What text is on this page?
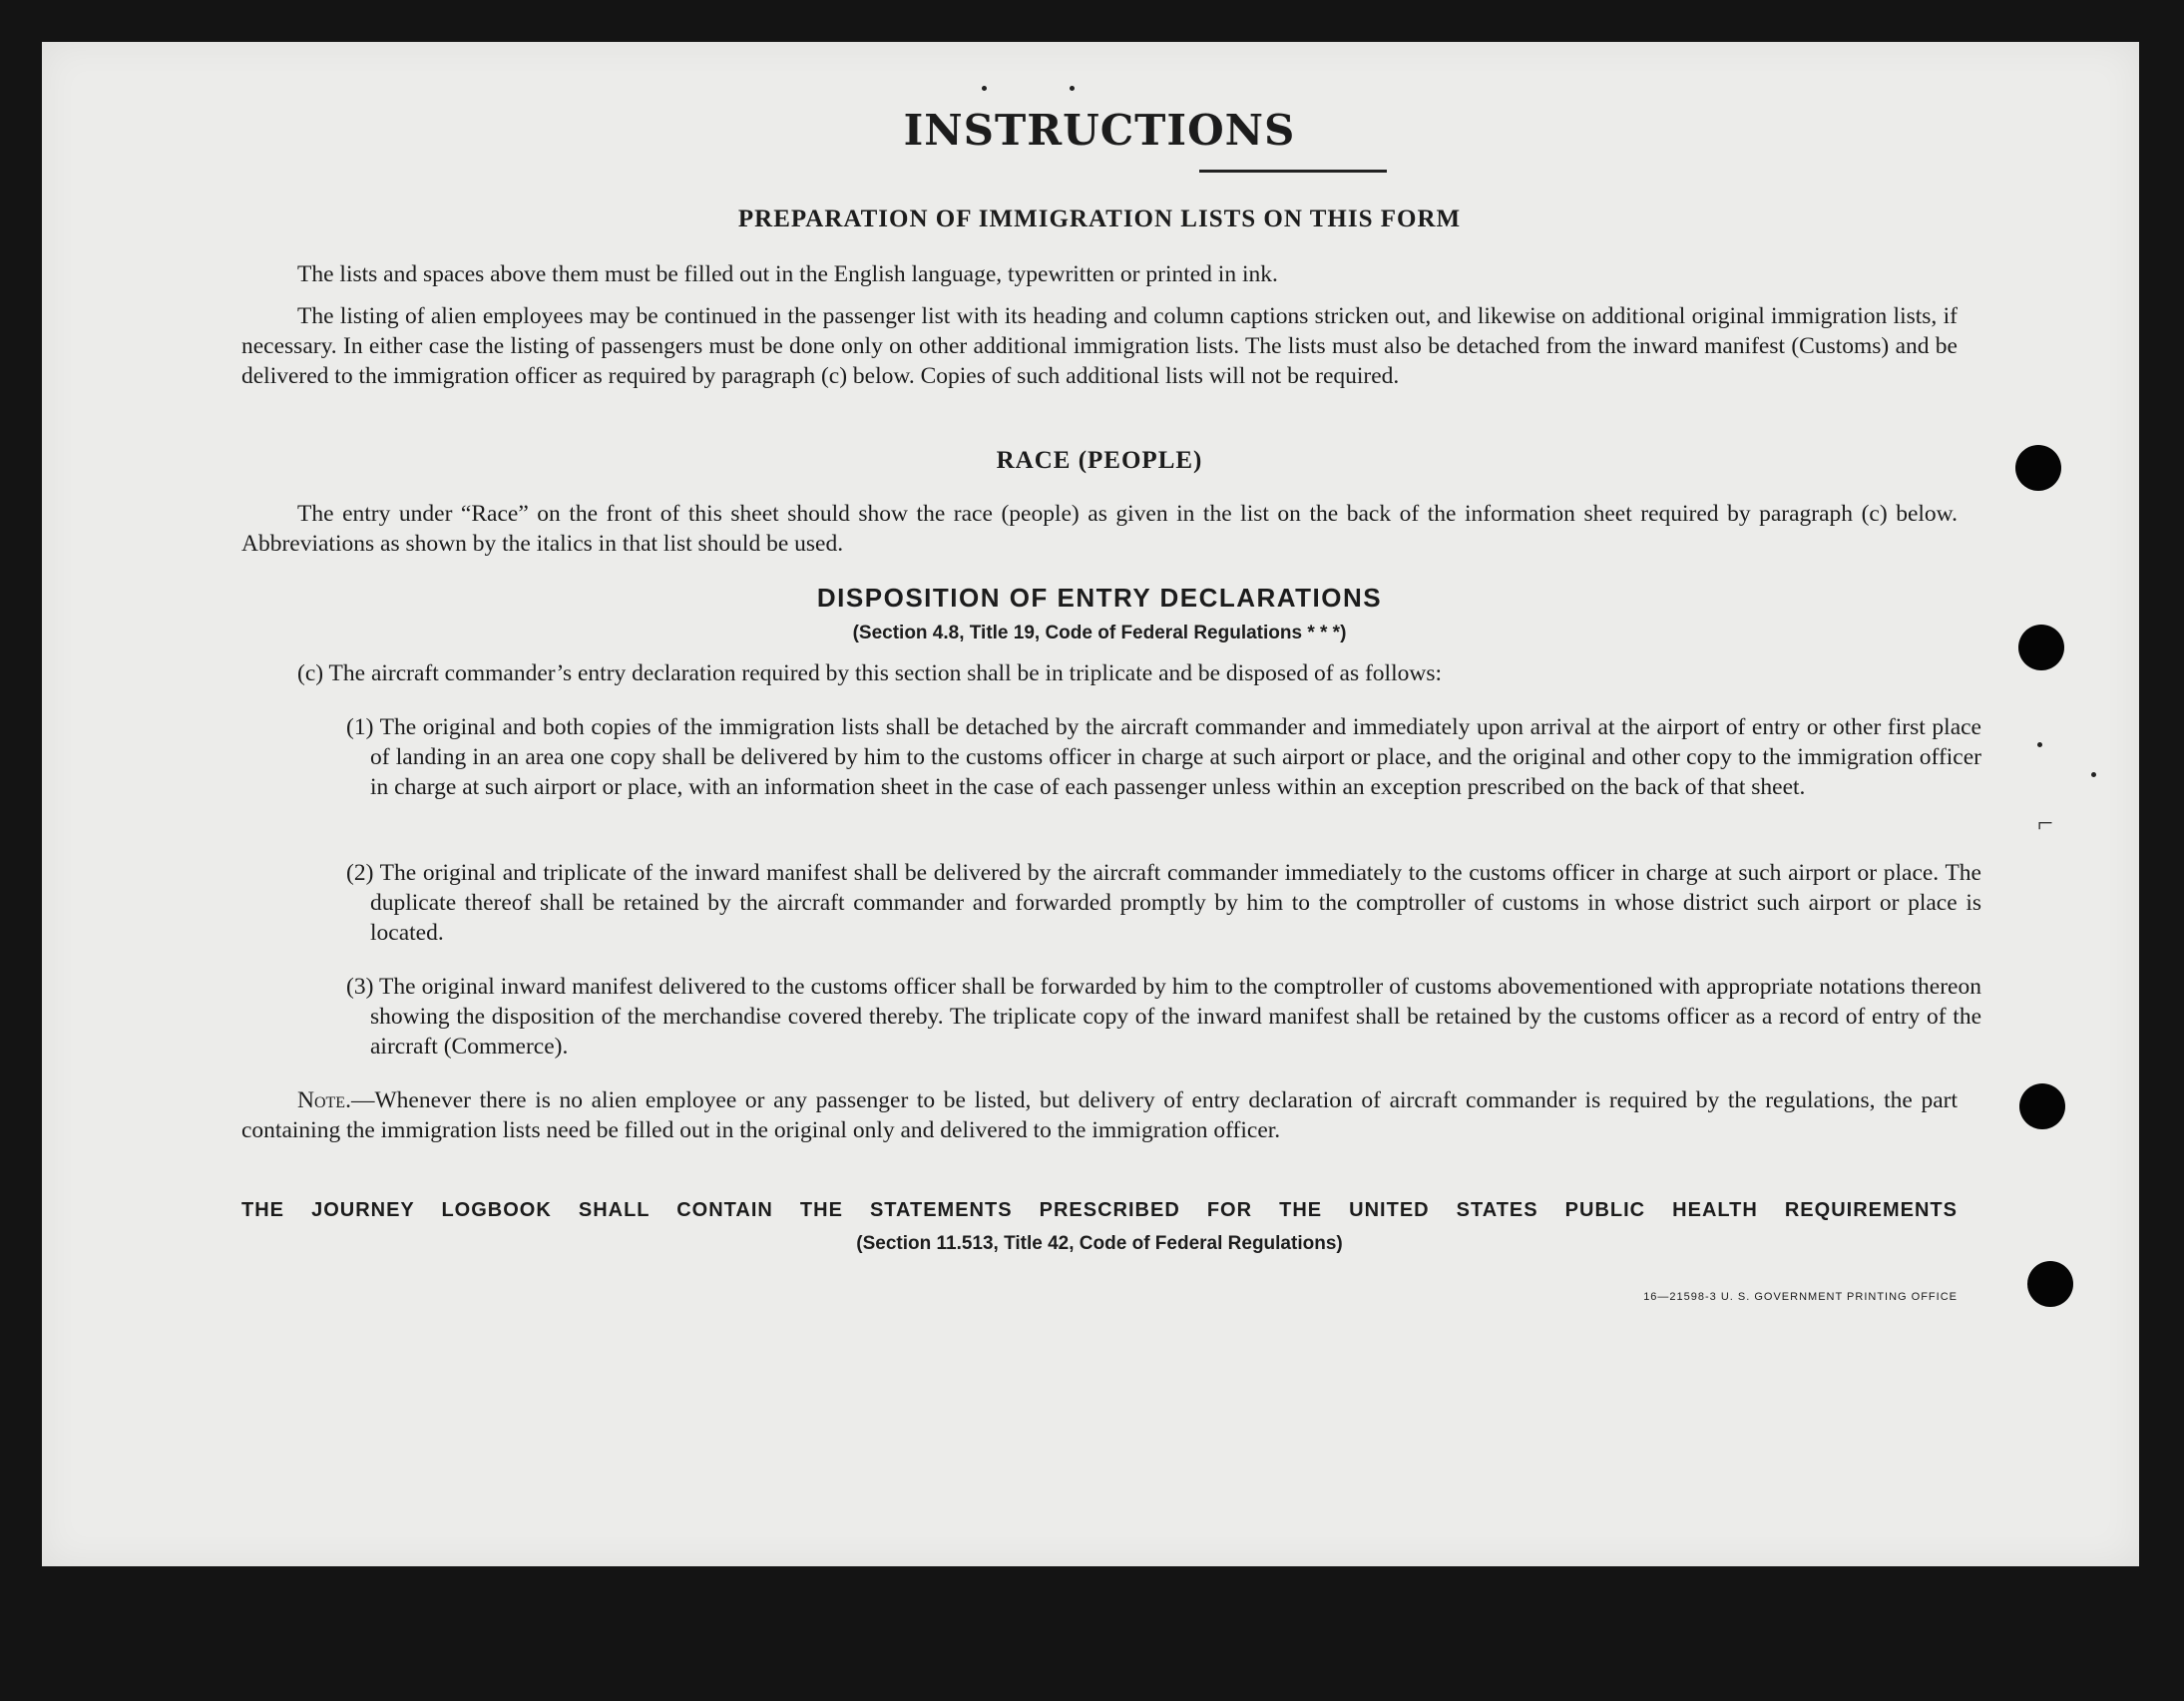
INSTRUCTIONS
PREPARATION OF IMMIGRATION LISTS ON THIS FORM
The lists and spaces above them must be filled out in the English language, typewritten or printed in ink.
The listing of alien employees may be continued in the passenger list with its heading and column captions stricken out, and likewise on additional original immigration lists, if necessary. In either case the listing of passengers must be done only on other additional immigration lists. The lists must also be detached from the inward manifest (Customs) and be delivered to the immigration officer as required by paragraph (c) below. Copies of such additional lists will not be required.
RACE (PEOPLE)
The entry under “Race” on the front of this sheet should show the race (people) as given in the list on the back of the information sheet required by paragraph (c) below. Abbreviations as shown by the italics in that list should be used.
DISPOSITION OF ENTRY DECLARATIONS
(Section 4.8, Title 19, Code of Federal Regulations * * *)
(c) The aircraft commander’s entry declaration required by this section shall be in triplicate and be disposed of as follows:
(1) The original and both copies of the immigration lists shall be detached by the aircraft commander and immediately upon arrival at the airport of entry or other first place of landing in an area one copy shall be delivered by him to the customs officer in charge at such airport or place, and the original and other copy to the immigration officer in charge at such airport or place, with an information sheet in the case of each passenger unless within an exception prescribed on the back of that sheet.
(2) The original and triplicate of the inward manifest shall be delivered by the aircraft commander immediately to the customs officer in charge at such airport or place. The duplicate thereof shall be retained by the aircraft commander and forwarded promptly by him to the comptroller of customs in whose district such airport or place is located.
(3) The original inward manifest delivered to the customs officer shall be forwarded by him to the comptroller of customs abovementioned with appropriate notations thereon showing the disposition of the merchandise covered thereby. The triplicate copy of the inward manifest shall be retained by the customs officer as a record of entry of the aircraft (Commerce).
Note.—Whenever there is no alien employee or any passenger to be listed, but delivery of entry declaration of aircraft commander is required by the regulations, the part containing the immigration lists need be filled out in the original only and delivered to the immigration officer.
THE JOURNEY LOGBOOK SHALL CONTAIN THE STATEMENTS PRESCRIBED FOR THE UNITED STATES PUBLIC HEALTH REQUIREMENTS
(Section 11.513, Title 42, Code of Federal Regulations)
16—21598-3 U. S. GOVERNMENT PRINTING OFFICE
⌐
